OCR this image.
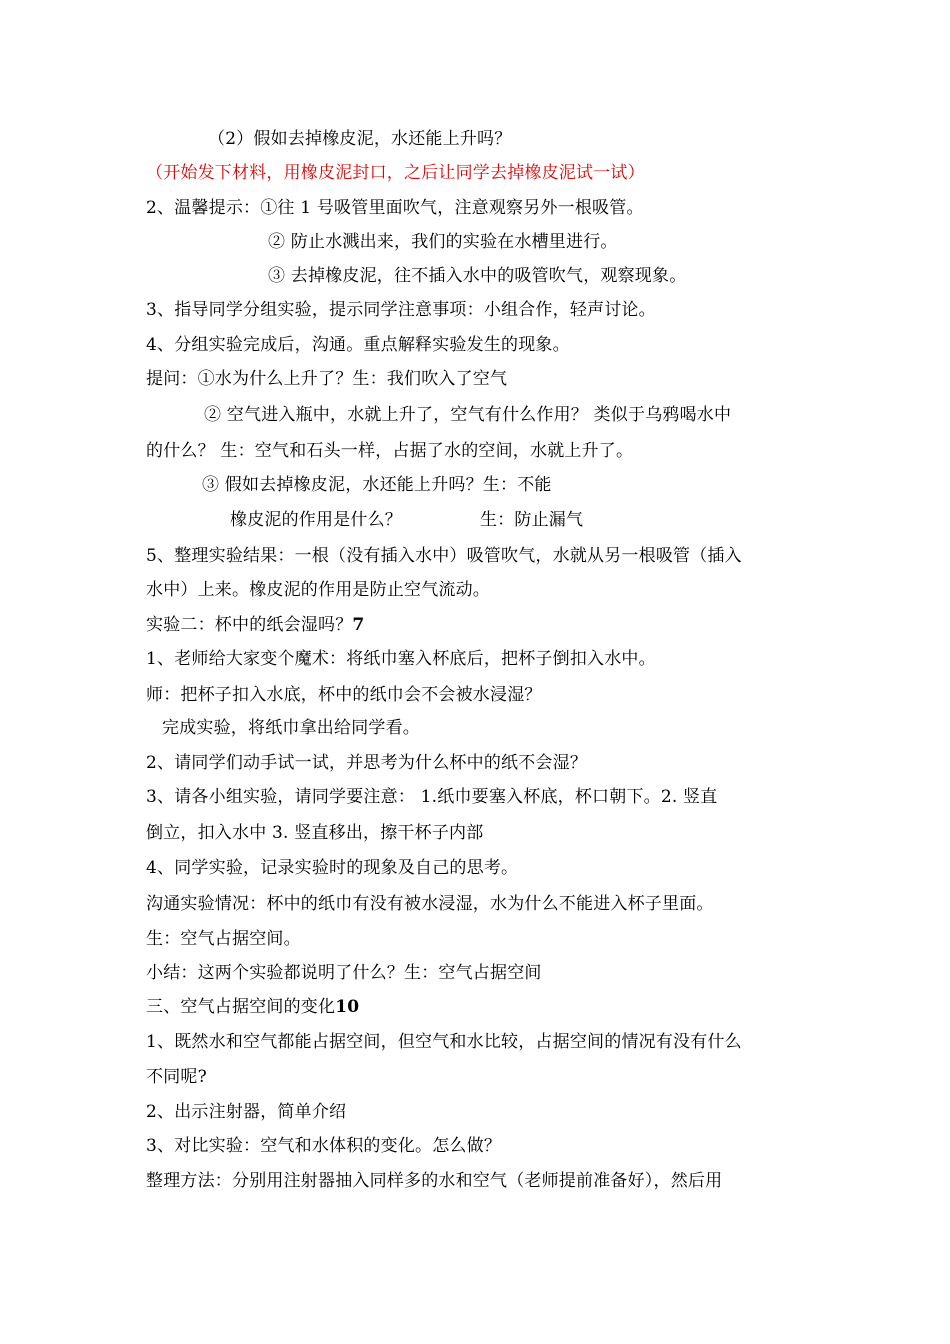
（2）假如去掉橡皮泥，水还能上升吗？
（开始发下材料，用橡皮泥封口，之后让同学去掉橡皮泥试一试）
2、温馨提示：①往 1 号吸管里面吹气，注意观察另外一根吸管。
② 防止水溅出来，我们的实验在水槽里进行。
③ 去掉橡皮泥，往不插入水中的吸管吹气，观察现象。
3、指导同学分组实验，提示同学注意事项：小组合作，轻声讨论。
4、分组实验完成后，沟通。重点解释实验发生的现象。
提问：①水为什么上升了？生：我们吹入了空气
② 空气进入瓶中，水就上升了，空气有什么作用？ 类似于乌鸦喝水中
的什么？ 生：空气和石头一样，占据了水的空间，水就上升了。
③ 假如去掉橡皮泥，水还能上升吗？生：不能
橡皮泥的作用是什么？	生：防止漏气
5、整理实验结果：一根（没有插入水中）吸管吹气，水就从另一根吸管（插入
水中）上来。橡皮泥的作用是防止空气流动。
实验二：杯中的纸会湿吗？7
1、老师给大家变个魔术：将纸巾塞入杯底后，把杯子倒扣入水中。
师：把杯子扣入水底，杯中的纸巾会不会被水浸湿？
完成实验，将纸巾拿出给同学看。
2、请同学们动手试一试，并思考为什么杯中的纸不会湿？
3、请各小组实验，请同学要注意： 1.纸巾要塞入杯底，杯口朝下。2. 竖直
倒立，扣入水中 3. 竖直移出，擦干杯子内部
4、同学实验，记录实验时的现象及自己的思考。
沟通实验情况：杯中的纸巾有没有被水浸湿，水为什么不能进入杯子里面。
生：空气占据空间。
小结：这两个实验都说明了什么？生：空气占据空间
三、空气占据空间的变化10
1、既然水和空气都能占据空间，但空气和水比较，占据空间的情况有没有什么
不同呢?
2、出示注射器，简单介绍
3、对比实验：空气和水体积的变化。怎么做？
整理方法：分别用注射器抽入同样多的水和空气（老师提前准备好），然后用
